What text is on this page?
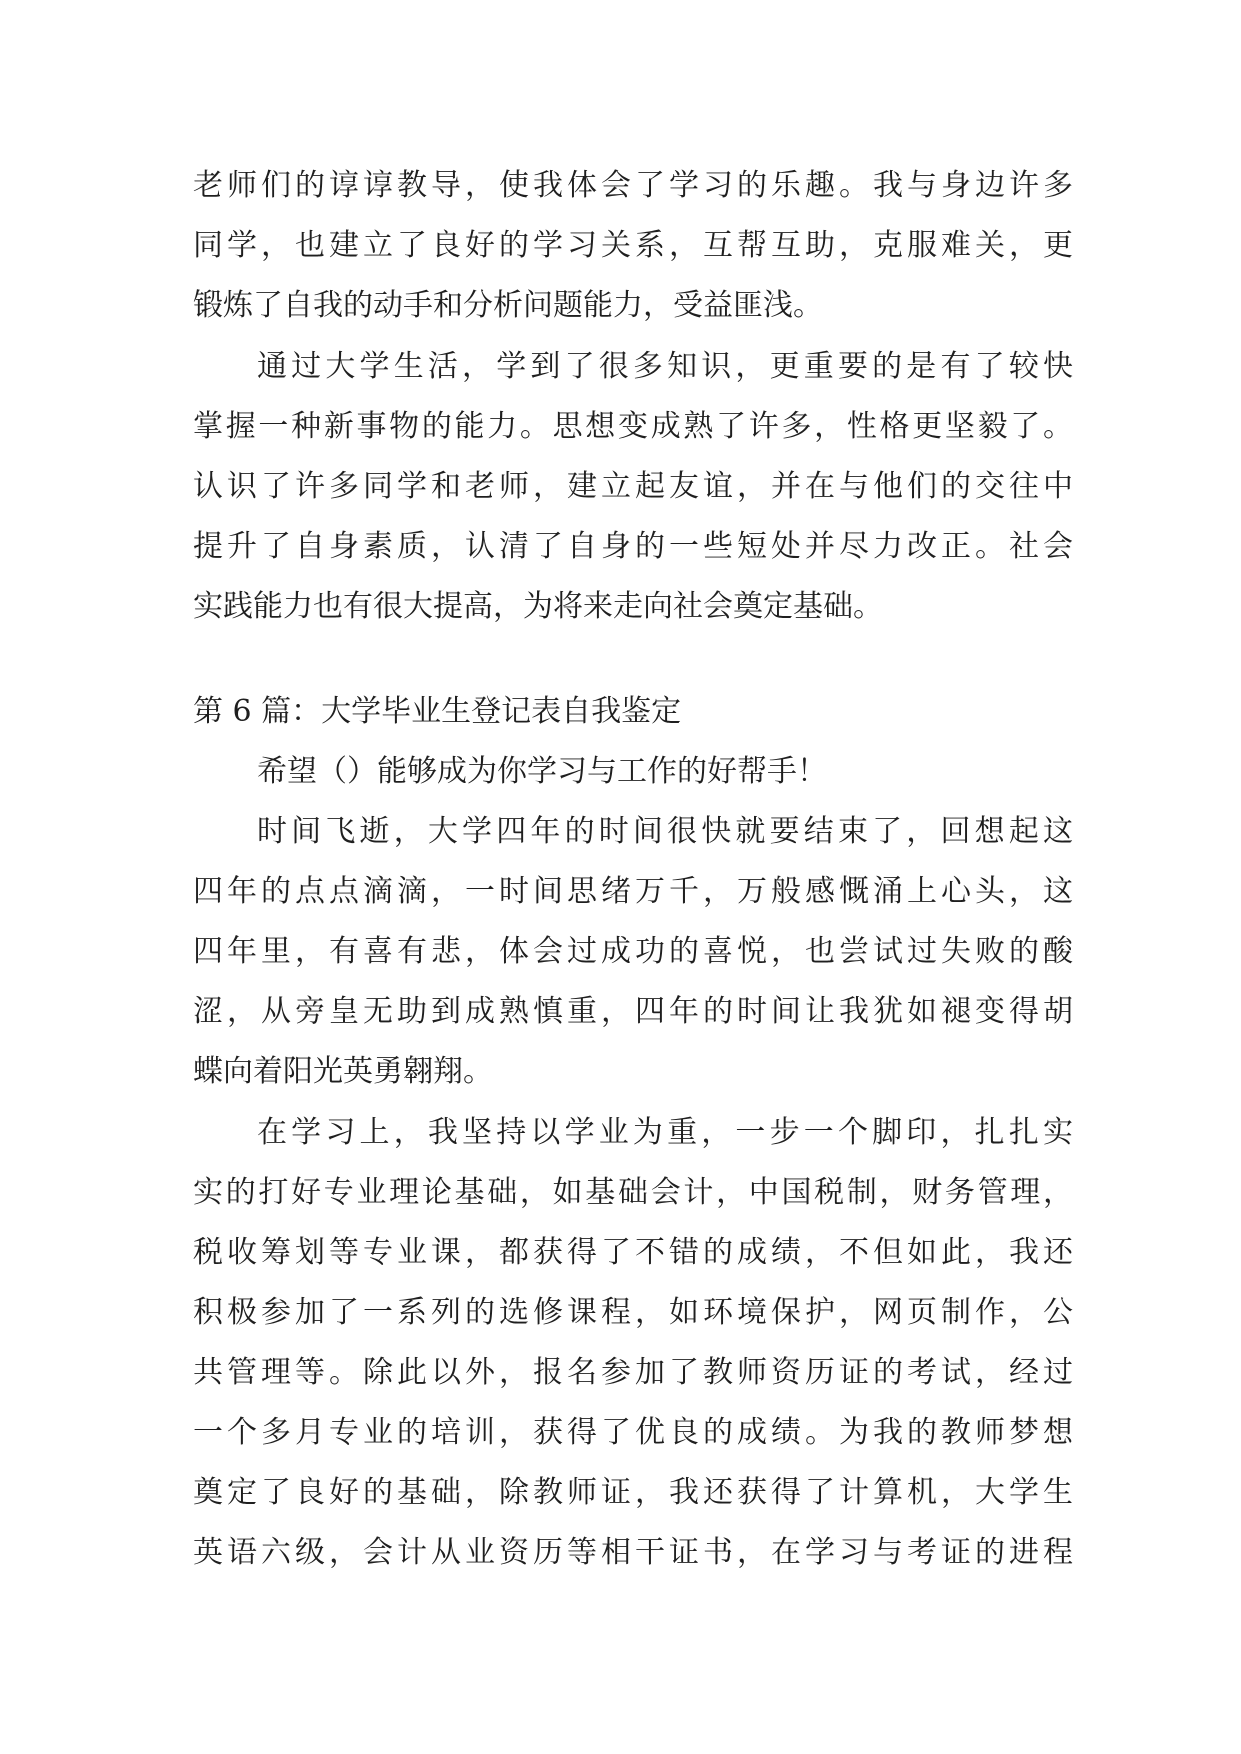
老师们的谆谆教导，使我体会了学习的乐趣。我与身边许多
同学，也建立了良好的学习关系，互帮互助，克服难关，更
锻炼了自我的动手和分析问题能力，受益匪浅。
通过大学生活，学到了很多知识，更重要的是有了较快
掌握一种新事物的能力。思想变成熟了许多，性格更坚毅了。
认识了许多同学和老师，建立起友谊，并在与他们的交往中
提升了自身素质，认清了自身的一些短处并尽力改正。社会
实践能力也有很大提高，为将来走向社会奠定基础。
第 6 篇：大学毕业生登记表自我鉴定
希望（）能够成为你学习与工作的好帮手！
时间飞逝，大学四年的时间很快就要结束了，回想起这
四年的点点滴滴，一时间思绪万千，万般感慨涌上心头，这
四年里，有喜有悲，体会过成功的喜悦，也尝试过失败的酸
涩，从旁皇无助到成熟慎重，四年的时间让我犹如褪变得胡
蝶向着阳光英勇翱翔。
在学习上，我坚持以学业为重，一步一个脚印，扎扎实
实的打好专业理论基础，如基础会计，中国税制，财务管理，
税收筹划等专业课，都获得了不错的成绩，不但如此，我还
积极参加了一系列的选修课程，如环境保护，网页制作，公
共管理等。除此以外，报名参加了教师资历证的考试，经过
一个多月专业的培训，获得了优良的成绩。为我的教师梦想
奠定了良好的基础，除教师证，我还获得了计算机，大学生
英语六级，会计从业资历等相干证书，在学习与考证的进程
